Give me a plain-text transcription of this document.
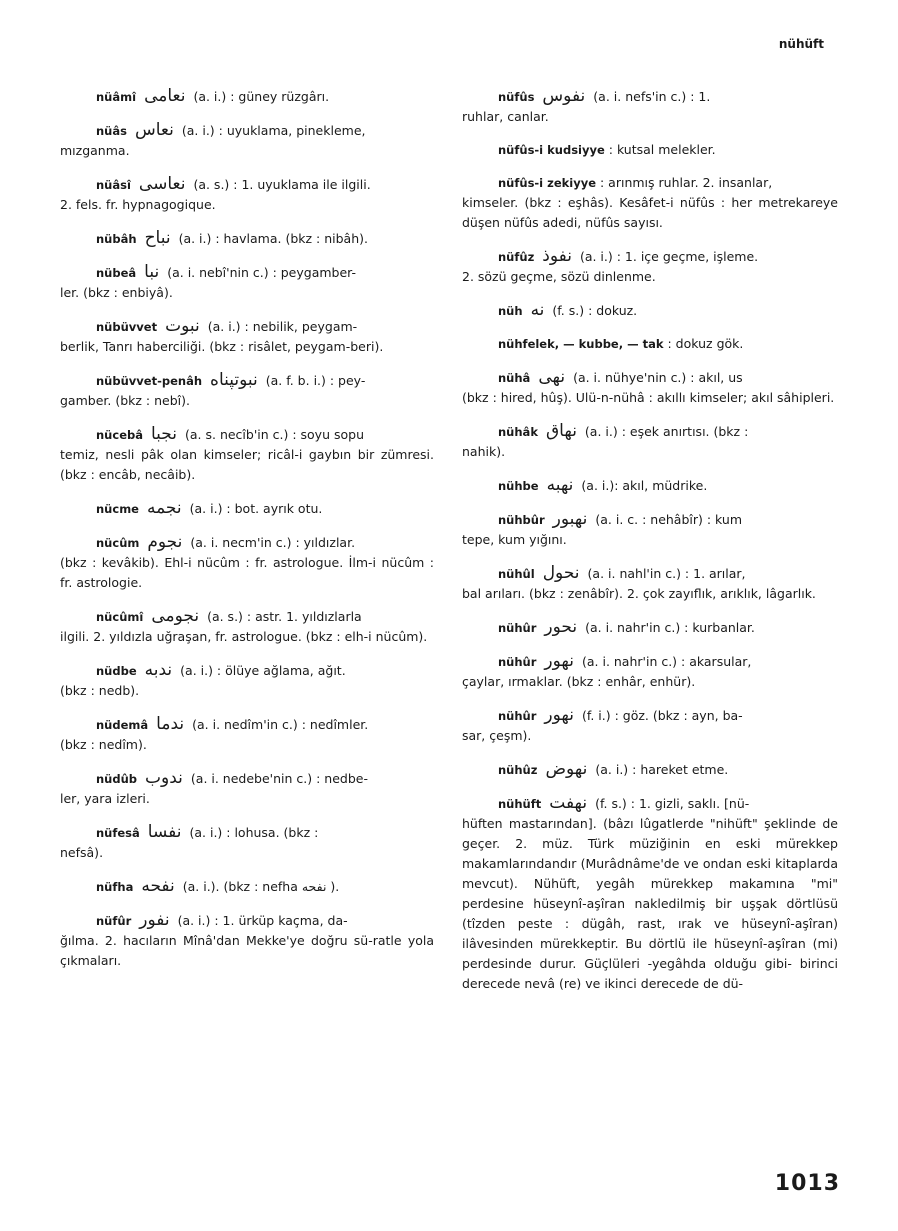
nühüft
nüâmî نعامى (a. i.) : güney rüzgârı.
nüâs نعاس (a. i.) : uyuklama, pinekleme,
mızganma.
nüâsî نعاسى (a. s.) : 1. uyuklama ile ilgili.
2. fels. fr. hypnagogique.
nübâh نباح (a. i.) : havlama. (bkz : nibâh).
nübeâ نبا (a. i. nebî'nin c.) : peygamber-
ler. (bkz : enbiyâ).
nübüvvet نبوت (a. i.) : nebilik, peygam-
berlik, Tanrı haberciliği. (bkz : risâlet, peygam-beri).
nübüvvet-penâh نبوتپناه (a. f. b. i.) : pey-
gamber. (bkz : nebî).
nücebâ نجبا (a. s. necîb'in c.) : soyu sopu
temiz, nesli pâk olan kimseler; ricâl-i gaybın bir zümresi. (bkz : encâb, necâib).
nücme نجمه (a. i.) : bot. ayrık otu.
nücûm نجوم (a. i. necm'in c.) : yıldızlar.
(bkz : kevâkib). Ehl-i nücûm : fr. astrologue. İlm-i nücûm : fr. astrologie.
nücûmî نجومى (a. s.) : astr. 1. yıldızlarla
ilgili. 2. yıldızla uğraşan, fr. astrologue. (bkz : elh-i nücûm).
nüdbe ندبه (a. i.) : ölüye ağlama, ağıt.
(bkz : nedb).
nüdemâ ندما (a. i. nedîm'in c.) : nedîmler.
(bkz : nedîm).
nüdûb ندوب (a. i. nedebe'nin c.) : nedbe-
ler, yara izleri.
nüfesâ نفسا (a. i.) : lohusa. (bkz :
nefsâ).
nüfha نفحه (a. i.). (bkz : nefha نفحه ).
nüfûr نفور (a. i.) : 1. ürküp kaçma, da-
ğılma. 2. hacıların Mînâ'dan Mekke'ye doğru sü-ratle yola çıkmaları.
nüfûs نفوس (a. i. nefs'in c.) : 1.
ruhlar, canlar.
nüfûs-i kudsiyye : kutsal melekler.
nüfûs-i zekiyye : arınmış ruhlar. 2. insanlar,
kimseler. (bkz : eşhâs). Kesâfet-i nüfûs : her metrekareye düşen nüfûs adedi, nüfûs sayısı.
nüfûz نفوذ (a. i.) : 1. içe geçme, işleme.
2. sözü geçme, sözü dinlenme.
nüh نه (f. s.) : dokuz.
nühfelek, — kubbe, — tak : dokuz gök.
nühâ نهى (a. i. nühye'nin c.) : akıl, us
(bkz : hired, hûş). Ulü-n-nühâ : akıllı kimseler; akıl sâhipleri.
nühâk نهاق (a. i.) : eşek anırtısı. (bkz :
nahik).
nühbe نهبه (a. i.): akıl, müdrike.
nühbûr نهبور (a. i. c. : nehâbîr) : kum
tepe, kum yığını.
nühûl نحول (a. i. nahl'in c.) : 1. arılar,
bal arıları. (bkz : zenâbîr). 2. çok zayıflık, arıklık, lâgarlık.
nühûr نحور (a. i. nahr'in c.) : kurbanlar.
nühûr نهور (a. i. nahr'in c.) : akarsular,
çaylar, ırmaklar. (bkz : enhâr, enhür).
nühûr نهور (f. i.) : göz. (bkz : ayn, ba-
sar, çeşm).
nühûz نهوض (a. i.) : hareket etme.
nühüft نهفت (f. s.) : 1. gizli, saklı. [nü-
hüften mastarından]. (bâzı lûgatlerde "nihüft" şeklinde de geçer. 2. müz. Türk müziğinin en eski mürekkep makamlarındandır (Murâdnâme'de ve ondan eski kitaplarda mevcut). Nühüft, yegâh mürekkep makamına "mi" perdesine hüseynî-aşîran nakledilmiş bir uşşak dörtlüsü (tîzden peste : dügâh, rast, ırak ve hüseynî-aşîran) ilâvesinden mürekkeptir. Bu dörtlü ile hüseynî-aşîran (mi) perdesinde durur. Güçlüleri -yegâhda olduğu gibi- birinci derecede nevâ (re) ve ikinci derecede de dü-
1013
